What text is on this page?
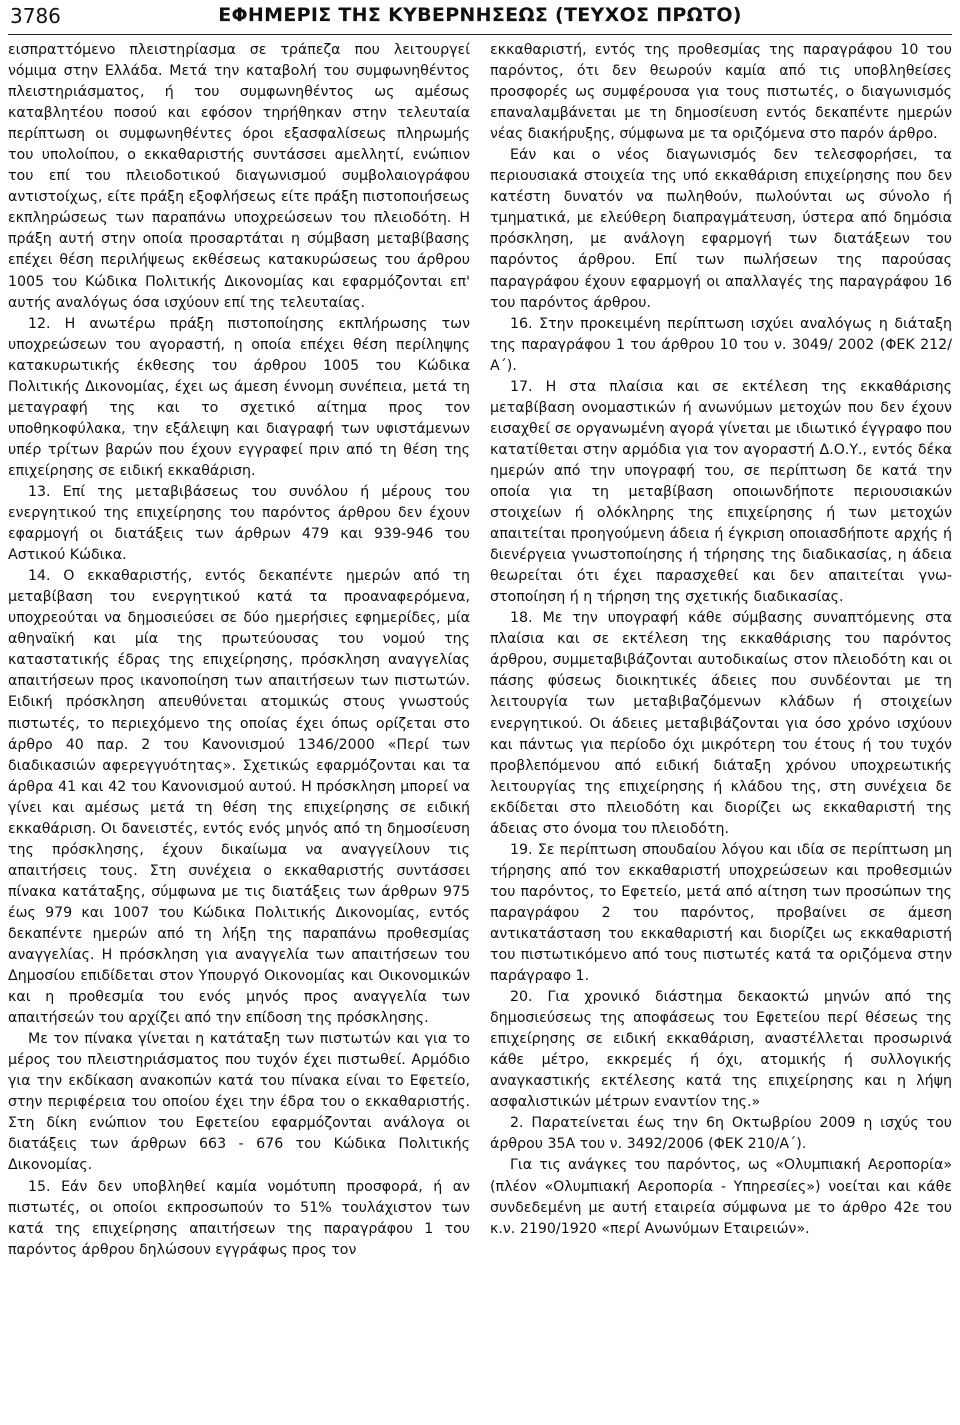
3786	ΕΦΗΜΕΡΙΣ ΤΗΣ ΚΥΒΕΡΝΗΣΕΩΣ (ΤΕΥΧΟΣ ΠΡΩΤΟ)

εισπραττόμενο πλειστηρίασμα σε τράπεζα που λειτουργεί νόμιμα στην Ελλάδα. Μετά την καταβολή του συμφωνηθέντος πλειστηριάσματος, ή του συμφωνηθέντος ως αμέσως καταβλητέου ποσού και εφόσον τηρήθηκαν στην τελευταία περίπτωση οι συμφωνηθέντες όροι εξασφαλίσεως πληρωμής του υπολοίπου, ο εκκαθαριστής συντάσσει αμελλητί, ενώπιον του επί του πλειοδοτικού διαγωνισμού συμβολαιογράφου αντιστοίχως, είτε πράξη εξοφλήσεως είτε πράξη πιστοποιήσεως εκπληρώσεως των παραπάνω υποχρεώσεων του πλειοδότη. Η πράξη αυτή στην οποία προσαρτάται η σύμβαση μεταβίβασης επέχει θέση περιλήψεως εκθέσεως κατακυρώσεως του άρθρου 1005 του Κώδικα Πολιτικής Δικονομίας και εφαρμόζονται επ' αυτής αναλόγως όσα ισχύουν επί της τελευταίας.

12. Η ανωτέρω πράξη πιστοποίησης εκπλήρωσης των υποχρεώσεων του αγοραστή, η οποία επέχει θέση περίληψης κατακυρωτικής έκθεσης του άρθρου 1005 του Κώδικα Πολιτικής Δικονομίας, έχει ως άμεση έννομη συνέπεια, μετά τη μεταγραφή της και το σχετικό αίτημα προς τον υποθηκοφύλακα, την εξάλειψη και διαγραφή των υφιστάμενων υπέρ τρίτων βαρών που έχουν εγγραφεί πριν από τη θέση της επιχείρησης σε ειδική εκκαθάριση.

13. Επί της μεταβιβάσεως του συνόλου ή μέρους του ενεργητικού της επιχείρησης του παρόντος άρθρου δεν έχουν εφαρμογή οι διατάξεις των άρθρων 479 και 939-946 του Αστικού Κώδικα.

14. Ο εκκαθαριστής, εντός δεκαπέντε ημερών από τη μεταβίβαση του ενεργητικού κατά τα προαναφερόμενα, υποχρεούται να δημοσιεύσει σε δύο ημερήσιες εφημερίδες, μία αθηναϊκή και μία της πρωτεύουσας του νομού της καταστατικής έδρας της επιχείρησης, πρόσκληση αναγγελίας απαιτήσεων προς ικανοποίηση των απαιτήσεων των πιστωτών. Ειδική πρόσκληση απευθύνεται ατομικώς στους γνωστούς πιστωτές, το περιεχόμενο της οποίας έχει όπως ορίζεται στο άρθρο 40 παρ. 2 του Κανονισμού 1346/2000 «Περί των διαδικασιών αφερεγγυότητας». Σχετικώς εφαρμόζονται και τα άρθρα 41 και 42 του Κανονισμού αυτού. Η πρόσκληση μπορεί να γίνει και αμέσως μετά τη θέση της επιχείρησης σε ειδική εκκαθάριση. Οι δανειστές, εντός ενός μηνός από τη δημοσίευση της πρόσκλησης, έχουν δικαίωμα να αναγγείλουν τις απαιτήσεις τους. Στη συνέχεια ο εκκαθαριστής συντάσσει πίνακα κατάταξης, σύμφωνα με τις διατάξεις των άρθρων 975 έως 979 και 1007 του Κώδικα Πολιτικής Δικονομίας, εντός δεκαπέντε ημερών από τη λήξη της παραπάνω προθεσμίας αναγγελίας. Η πρόσκληση για αναγγελία των απαιτήσεων του Δημοσίου επιδίδεται στον Υπουργό Οικονομίας και Οικονομικών και η προθεσμία του ενός μηνός προς αναγγελία των απαιτήσεών του αρχίζει από την επίδοση της πρόσκλησης.

Με τον πίνακα γίνεται η κατάταξη των πιστωτών και για το μέρος του πλειστηριάσματος που τυχόν έχει πιστωθεί. Αρμόδιο για την εκδίκαση ανακοπών κατά του πίνακα είναι το Εφετείο, στην περιφέρεια του οποίου έχει την έδρα του ο εκκαθαριστής. Στη δίκη ενώπιον του Εφετείου εφαρμόζονται ανάλογα οι διατάξεις των άρθρων 663 - 676 του Κώδικα Πολιτικής Δικονομίας.

15. Εάν δεν υποβληθεί καμία νομότυπη προσφορά, ή αν πιστωτές, οι οποίοι εκπροσωπούν το 51% τουλάχιστον των κατά της επιχείρησης απαιτήσεων της παραγράφου 1 του παρόντος άρθρου δηλώσουν εγγράφως προς τον

εκκαθαριστή, εντός της προθεσμίας της παραγράφου 10 του παρόντος, ότι δεν θεωρούν καμία από τις υποβληθείσες προσφορές ως συμφέρουσα για τους πιστωτές, ο διαγωνισμός επαναλαμβάνεται με τη δημοσίευση εντός δεκαπέντε ημερών νέας διακήρυξης, σύμφωνα με τα οριζόμενα στο παρόν άρθρο.

Εάν και ο νέος διαγωνισμός δεν τελεσφορήσει, τα περιουσιακά στοιχεία της υπό εκκαθάριση επιχείρησης που δεν κατέστη δυνατόν να πωληθούν, πωλούνται ως σύνολο ή τμηματικά, με ελεύθερη διαπραγμάτευση, ύστερα από δημόσια πρόσκληση, με ανάλογη εφαρμογή των διατάξεων του παρόντος άρθρου. Επί των πωλήσεων της παρούσας παραγράφου έχουν εφαρμογή οι απαλλαγές της παραγράφου 16 του παρόντος άρθρου.

16. Στην προκειμένη περίπτωση ισχύει αναλόγως η διάταξη της παραγράφου 1 του άρθρου 10 του ν. 3049/ 2002 (ΦΕΚ 212/Α΄).

17. Η στα πλαίσια και σε εκτέλεση της εκκαθάρισης μεταβίβαση ονομαστικών ή ανωνύμων μετοχών που δεν έχουν εισαχθεί σε οργανωμένη αγορά γίνεται με ιδιωτικό έγγραφο που κατατίθεται στην αρμόδια για τον αγοραστή Δ.Ο.Υ., εντός δέκα ημερών από την υπογραφή του, σε περίπτωση δε κατά την οποία για τη μεταβίβαση οποιωνδήποτε περιουσιακών στοιχείων ή ολόκληρης της επιχείρησης ή των μετοχών απαιτείται προηγούμενη άδεια ή έγκριση οποιασδήποτε αρχής ή διενέργεια γνωστοποίησης ή τήρησης της διαδικασίας, η άδεια θεωρείται ότι έχει παρασχεθεί και δεν απαιτείται γνωστοποίηση ή η τήρηση της σχετικής διαδικασίας.

18. Με την υπογραφή κάθε σύμβασης συναπτόμενης στα πλαίσια και σε εκτέλεση της εκκαθάρισης του παρόντος άρθρου, συμμεταβιβάζονται αυτοδικαίως στον πλειοδότη και οι πάσης φύσεως διοικητικές άδειες που συνδέονται με τη λειτουργία των μεταβιβαζόμενων κλάδων ή στοιχείων ενεργητικού. Οι άδειες μεταβιβάζονται για όσο χρόνο ισχύουν και πάντως για περίοδο όχι μικρότερη του έτους ή του τυχόν προβλεπόμενου από ειδική διάταξη χρόνου υποχρεωτικής λειτουργίας της επιχείρησης ή κλάδου της, στη συνέχεια δε εκδίδεται στο πλειοδότη και διορίζει ως εκκαθαριστή της άδειας στο όνομα του πλειοδότη.

19. Σε περίπτωση σπουδαίου λόγου και ιδία σε περίπτωση μη τήρησης από τον εκκαθαριστή υποχρεώσεων και προθεσμιών του παρόντος, το Εφετείο, μετά από αίτηση των προσώπων της παραγράφου 2 του παρόντος, προβαίνει σε άμεση αντικατάσταση του εκκαθαριστή και διορίζει ως εκκαθαριστή του πιστωτικόμενο από τους πιστωτές κατά τα οριζόμενα στην παράγραφο 1.

20. Για χρονικό διάστημα δεκαοκτώ μηνών από της δημοσιεύσεως της αποφάσεως του Εφετείου περί θέσεως της επιχείρησης σε ειδική εκκαθάριση, αναστέλλεται προσωρινά κάθε μέτρο, εκκρεμές ή όχι, ατομικής ή συλλογικής αναγκαστικής εκτέλεσης κατά της επιχείρησης και η λήψη ασφαλιστικών μέτρων εναντίον της.»

2. Παρατείνεται έως την 6η Οκτωβρίου 2009 η ισχύς του άρθρου 35Α του ν. 3492/2006 (ΦΕΚ 210/Α΄).

Για τις ανάγκες του παρόντος, ως «Ολυμπιακή Αεροπορία» (πλέον «Ολυμπιακή Αεροπορία - Υπηρεσίες») νοείται και κάθε συνδεδεμένη με αυτή εταιρεία σύμφωνα με το άρθρο 42ε του κ.ν. 2190/1920 «περί Ανωνύμων Εταιρειών».
